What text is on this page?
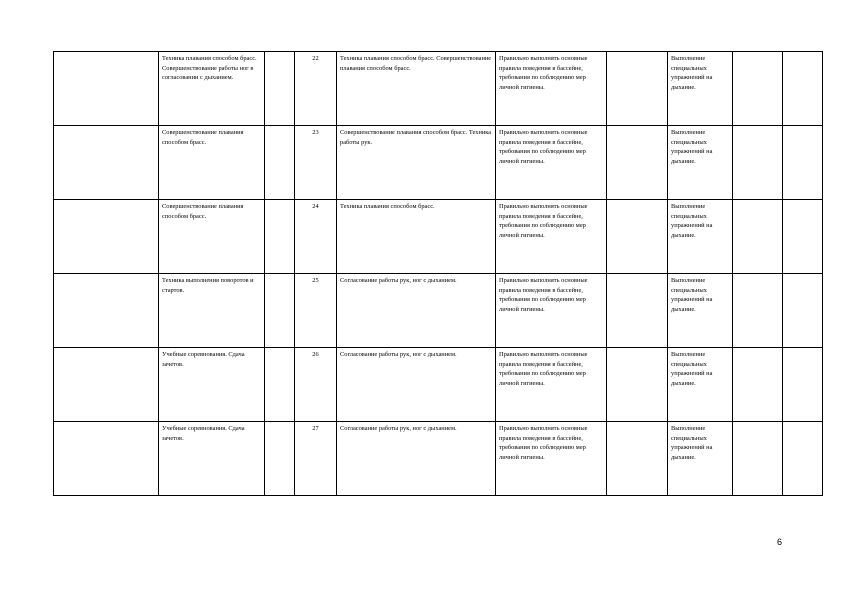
	Техника плавания способом брасс. Совершенствование работы ног в согласовании с дыханием.		22	Техника плавания способом брасс. Совершенствование плавания способом брасс.	Правильно выполнять основные правила поведения в бассейне, требования по соблюдению мер личной гигиены.		Выполнение специальных упражнений на дыхание.		
	Совершенствование плавания способом брасс.		23	Совершенствование плавания способом брасс. Техника работы рук.	Правильно выполнять основные правила поведения в бассейне, требования по соблюдению мер личной гигиены.		Выполнение специальных упражнений на дыхание.		
	Совершенствование плавания способом брасс.		24	Техника плавания способом брасс.	Правильно выполнять основные правила поведения в бассейне, требования по соблюдению мер личной гигиены.		Выполнение специальных упражнений на дыхание.		
	Техника выполнения поворотов и стартов.		25	Согласование работы рук, ног с дыханием.	Правильно выполнять основные правила поведения в бассейне, требования по соблюдению мер личной гигиены.		Выполнение специальных упражнений на дыхание.		
	Учебные соревнования. Сдача зачетов.		26	Согласование работы рук, ног с дыханием.	Правильно выполнять основные правила поведения в бассейне, требования по соблюдению мер личной гигиены.		Выполнение специальных упражнений на дыхание.		
	Учебные соревнования. Сдача зачетов.		27	Согласование работы рук, ног с дыханием.	Правильно выполнять основные правила поведения в бассейне, требования по соблюдению мер личной гигиены.		Выполнение специальных упражнений на дыхание.		
6
